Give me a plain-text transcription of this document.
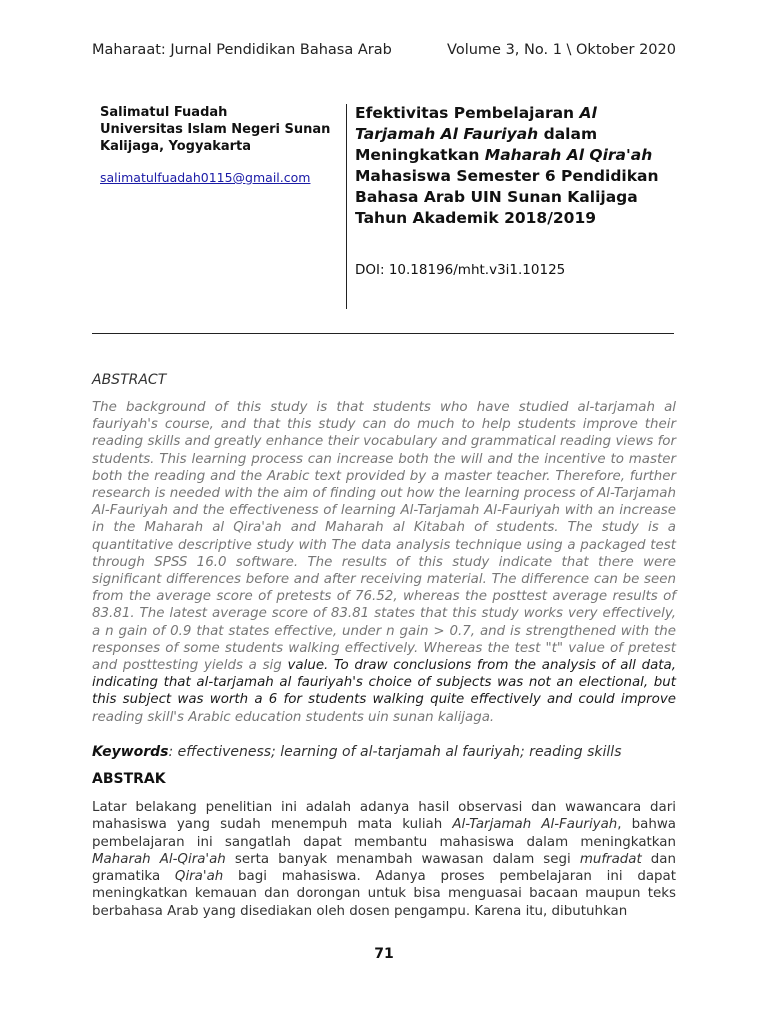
Maharaat: Jurnal Pendidikan Bahasa Arab	Volume 3, No. 1 \ Oktober 2020
Salimatul Fuadah
Universitas Islam Negeri Sunan
Kalijaga, Yogyakarta
salimatulfuadah0115@gmail.com
Efektivitas Pembelajaran Al Tarjamah Al Fauriyah dalam Meningkatkan Maharah Al Qira'ah Mahasiswa Semester 6 Pendidikan Bahasa Arab UIN Sunan Kalijaga Tahun Akademik 2018/2019
DOI: 10.18196/mht.v3i1.10125
ABSTRACT
The background of this study is that students who have studied al-tarjamah al fauriyah's course, and that this study can do much to help students improve their reading skills and greatly enhance their vocabulary and grammatical reading views for students. This learning process can increase both the will and the incentive to master both the reading and the Arabic text provided by a master teacher. Therefore, further research is needed with the aim of finding out how the learning process of Al-Tarjamah Al-Fauriyah and the effectiveness of learning Al-Tarjamah Al-Fauriyah with an increase in the Maharah al Qira'ah and Maharah al Kitabah of students. The study is a quantitative descriptive study with The data analysis technique using a packaged test through SPSS 16.0 software. The results of this study indicate that there were significant differences before and after receiving material. The difference can be seen from the average score of pretests of 76.52, whereas the posttest average results of 83.81. The latest average score of 83.81 states that this study works very effectively, a n gain of 0.9 that states effective, under n gain > 0.7, and is strengthened with the responses of some students walking effectively. Whereas the test "t" value of pretest and posttesting yields a sig value. To draw conclusions from the analysis of all data, indicating that al-tarjamah al fauriyah's choice of subjects was not an electional, but this subject was worth a 6 for students walking quite effectively and could improve reading skill's Arabic education students uin sunan kalijaga.
Keywords: effectiveness; learning of al-tarjamah al fauriyah; reading skills
ABSTRAK
Latar belakang penelitian ini adalah adanya hasil observasi dan wawancara dari mahasiswa yang sudah menempuh mata kuliah Al-Tarjamah Al-Fauriyah, bahwa pembelajaran ini sangatlah dapat membantu mahasiswa dalam meningkatkan Maharah Al-Qira'ah serta banyak menambah wawasan dalam segi mufradat dan gramatika Qira'ah bagi mahasiswa. Adanya proses pembelajaran ini dapat meningkatkan kemauan dan dorongan untuk bisa menguasai bacaan maupun teks berbahasa Arab yang disediakan oleh dosen pengampu. Karena itu, dibutuhkan
71
